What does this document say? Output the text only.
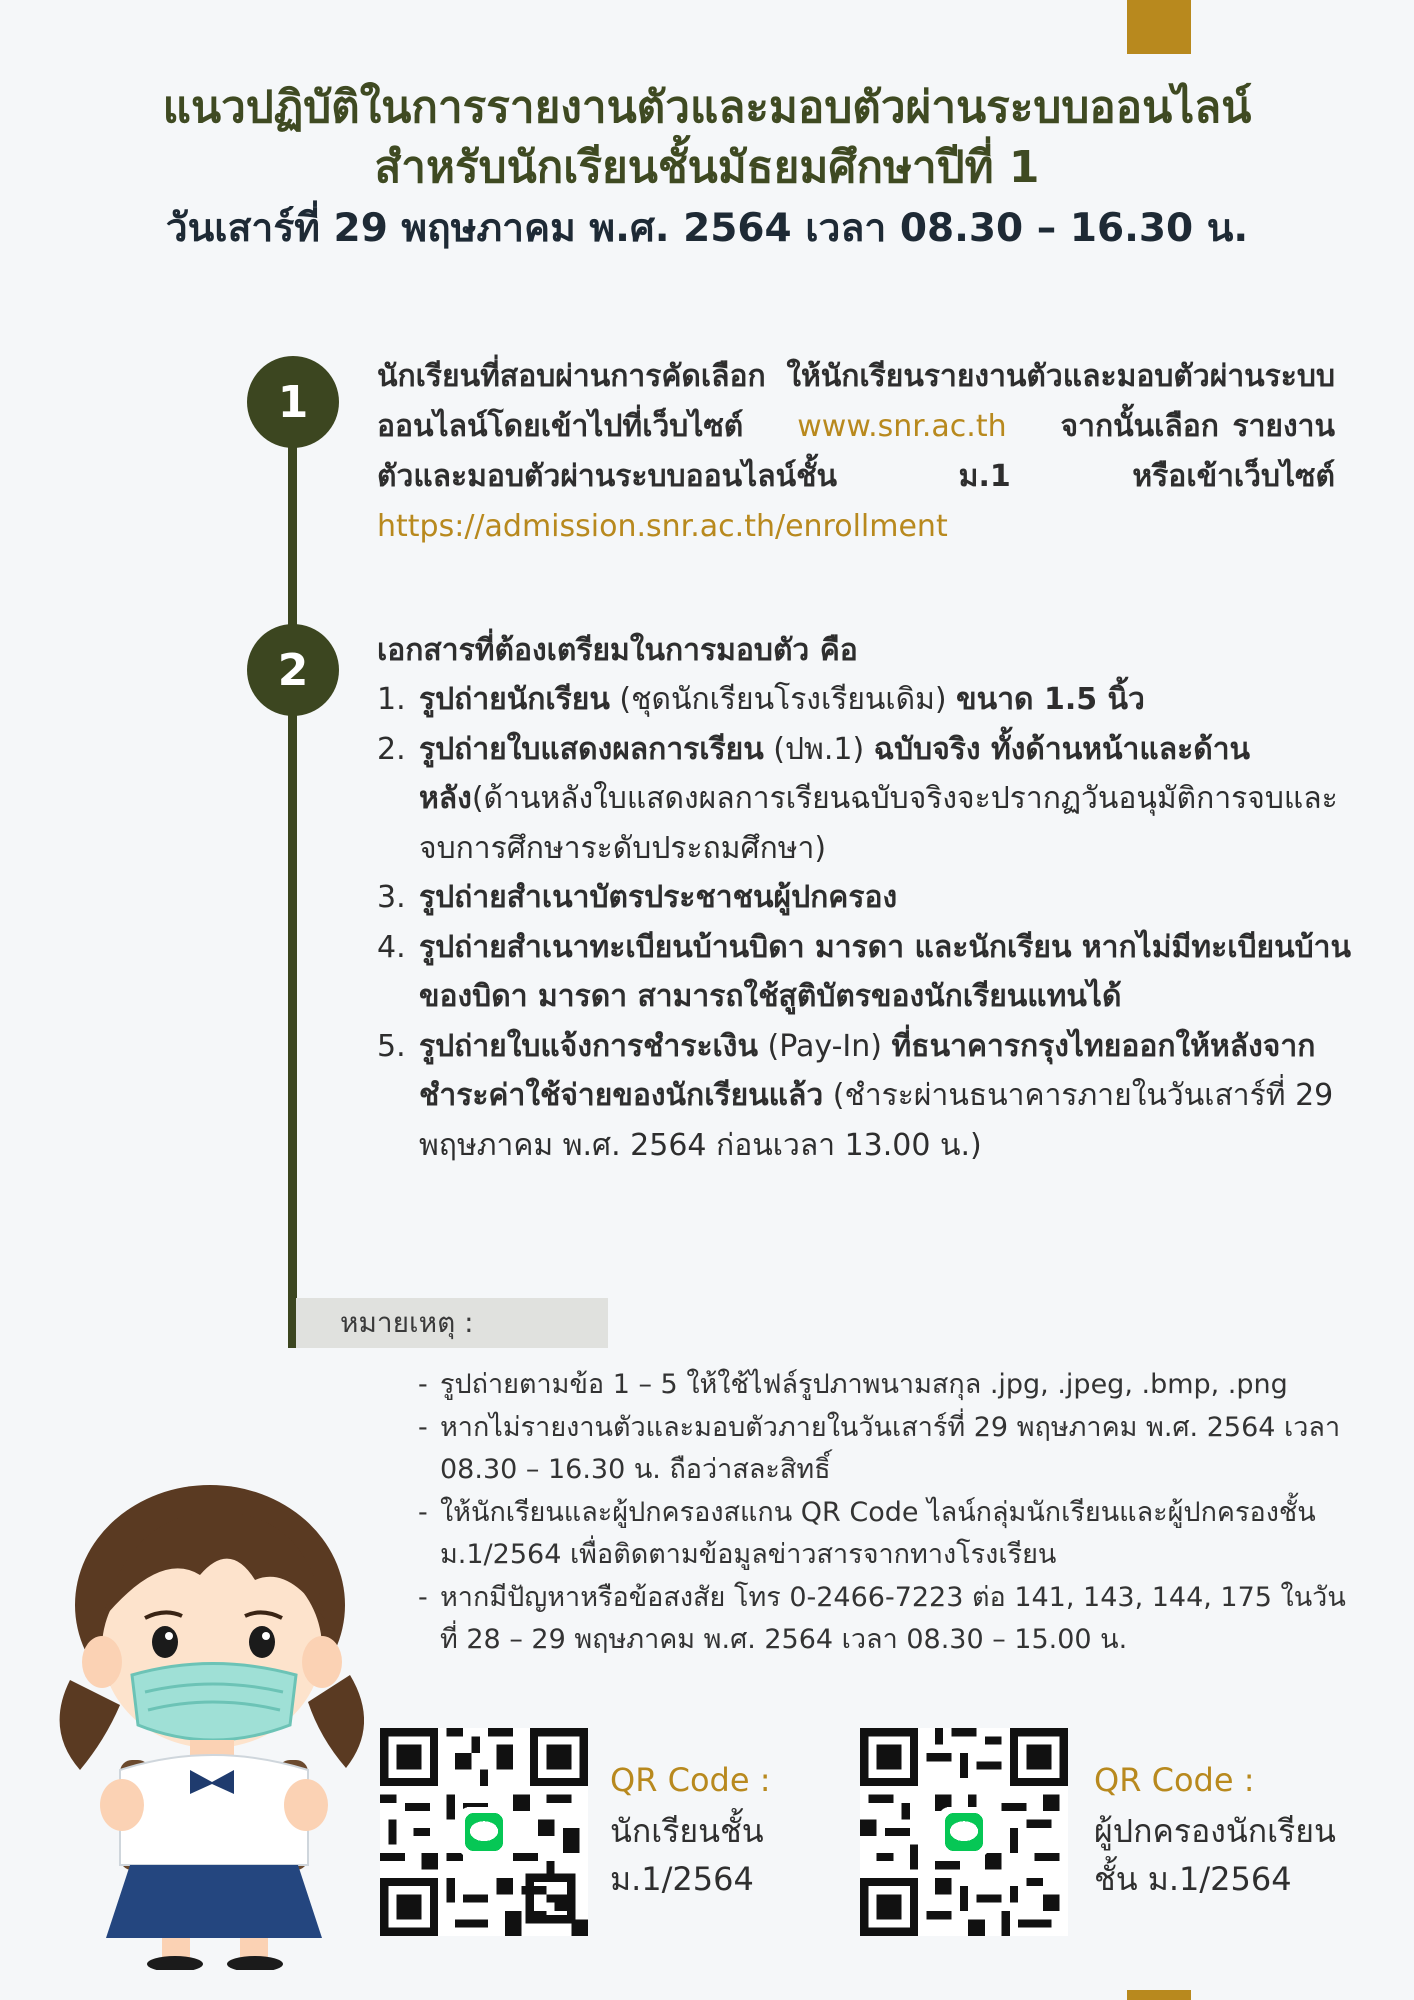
แนวปฏิบัติในการรายงานตัวและมอบตัวผ่านระบบออนไลน์
สำหรับนักเรียนชั้นมัธยมศึกษาปีที่ 1
วันเสาร์ที่ 29 พฤษภาคม พ.ศ. 2564 เวลา 08.30 – 16.30 น.
1	นักเรียนที่สอบผ่านการคัดเลือก ให้นักเรียนรายงานตัวและมอบตัวผ่านระบบออนไลน์โดยเข้าไปที่เว็บไซต์ www.snr.ac.th จากนั้นเลือก รายงานตัวและมอบตัวผ่านระบบออนไลน์ชั้น ม.1 หรือเข้าเว็บไซต์ https://admission.snr.ac.th/enrollment
2	เอกสารที่ต้องเตรียมในการมอบตัว คือ
1. รูปถ่ายนักเรียน (ชุดนักเรียนโรงเรียนเดิม) ขนาด 1.5 นิ้ว
2. รูปถ่ายใบแสดงผลการเรียน (ปพ.1) ฉบับจริง ทั้งด้านหน้าและด้านหลัง(ด้านหลังใบแสดงผลการเรียนฉบับจริงจะปรากฏวันอนุมัติการจบและจบการศึกษาระดับประถมศึกษา)
3. รูปถ่ายสำเนาบัตรประชาชนผู้ปกครอง
4. รูปถ่ายสำเนาทะเบียนบ้านบิดา มารดา และนักเรียน หากไม่มีทะเบียนบ้านของบิดา มารดา สามารถใช้สูติบัตรของนักเรียนแทนได้
5. รูปถ่ายใบแจ้งการชำระเงิน (Pay-In) ที่ธนาคารกรุงไทยออกให้หลังจากชำระค่าใช้จ่ายของนักเรียนแล้ว (ชำระผ่านธนาคารภายในวันเสาร์ที่ 29 พฤษภาคม พ.ศ. 2564 ก่อนเวลา 13.00 น.)
หมายเหตุ :
- รูปถ่ายตามข้อ 1 – 5 ให้ใช้ไฟล์รูปภาพนามสกุล .jpg, .jpeg, .bmp, .png
- หากไม่รายงานตัวและมอบตัวภายในวันเสาร์ที่ 29 พฤษภาคม พ.ศ. 2564 เวลา 08.30 – 16.30 น. ถือว่าสละสิทธิ์
- ให้นักเรียนและผู้ปกครองสแกน QR Code ไลน์กลุ่มนักเรียนและผู้ปกครองชั้น ม.1/2564 เพื่อติดตามข้อมูลข่าวสารจากทางโรงเรียน
- หากมีปัญหาหรือข้อสงสัย โทร 0-2466-7223 ต่อ 141, 143, 144, 175 ในวันที่ 28 – 29 พฤษภาคม พ.ศ. 2564 เวลา 08.30 – 15.00 น.
QR Code :
นักเรียนชั้น
ม.1/2564
QR Code :
ผู้ปกครองนักเรียน
ชั้น ม.1/2564
